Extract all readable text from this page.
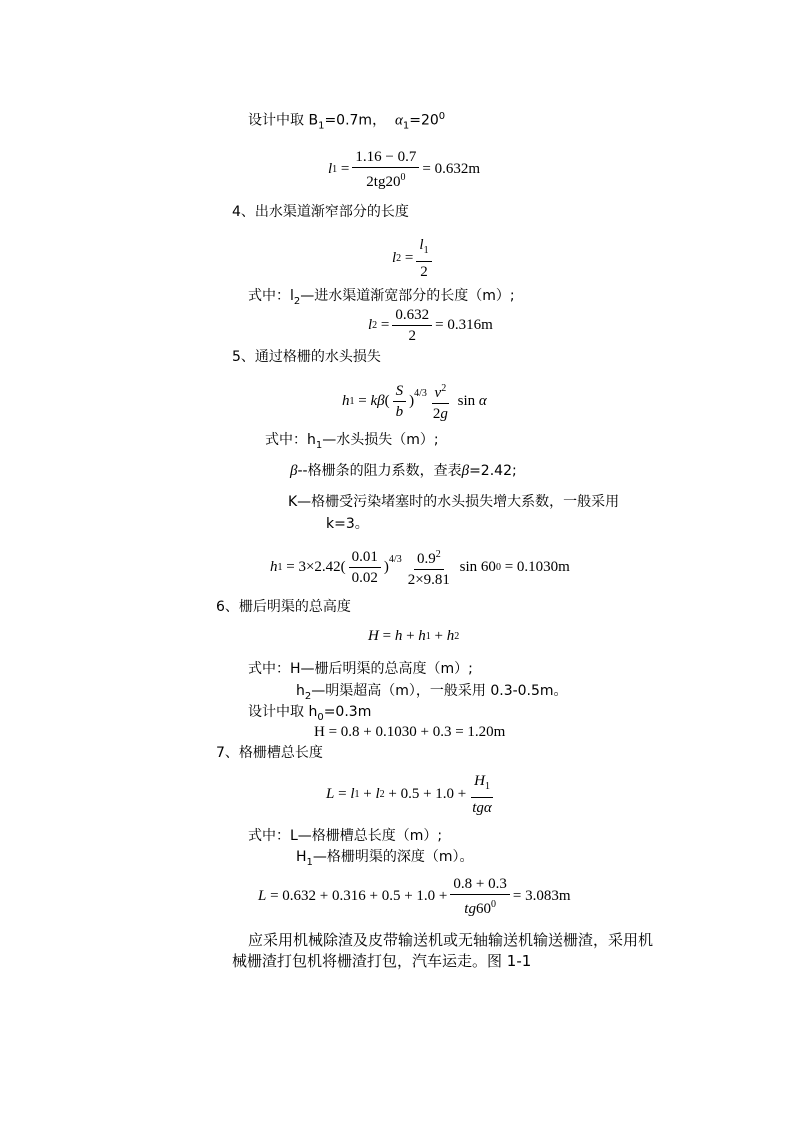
设计中取 $B_1=0.7m$， $\alpha_1=20^0$
l $1 = \frac{1.16 - 0.7}{2tg20^0} = 0.632m$
4、出水渠道渐窄部分的长度
l $2 = \frac{l_1}{2}$
式中：$l_2—$进水渠道渐宽部分的长度（m）;
l $2 = \frac{0.632}{2} = 0.316m$
5、通过格栅的水头损失
h 1 = kβ ( $\frac{S}{b}$ ) $4/3 \frac{v^2}{2g}$ sin α
式中：$h_1—$水头损失（m）;
β--格栅条的阻力系数，查表β=2.42;
K—格栅受污染堵塞时的水头损失增大系数，一般采用
k=3。
h $1 = 3\times 2.42( \frac{0.01}{0.02}$ ) $4/3 \frac{0.9^2}{2\times 9.81}$ sin 60 0
= 0.1030m
6、栅后明渠的总高度
H = h + h 1 + h 2
式中：H—栅后明渠的总高度（m）;
$h_2—$明渠超高（m），一般采用 0.3-0.5m。
设计中取 $h_0=0.3m$
H = 0.8 + 0.1030 + 0.3 = 1.20m
7、格栅槽总长度
L = l 1 + l $2 + 0.5 + 1.0 + \frac{H_1}{\text{tgα}}$
式中：L—格栅槽总长度（m）;
$H_1—$格栅明渠的深度（m）。
$L = 0.632 + 0.316 + 0.5 + 1.0 + \frac{0.8 + 0.3}{tg60^0} = 3.083m$
应采用机械除渣及皮带输送机或无轴输送机输送栅渣，采用机
械栅渣打包机将栅渣打包，汽车运走。图 1-1
